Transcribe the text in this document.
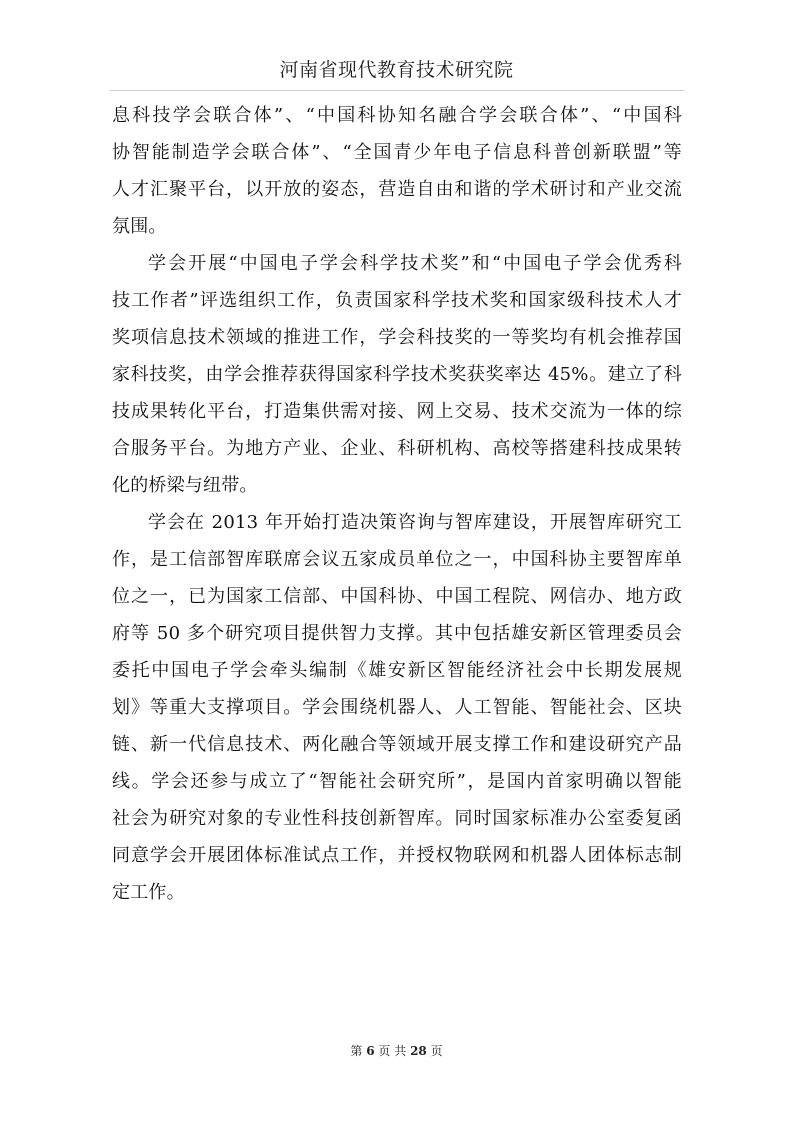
河南省现代教育技术研究院
息科技学会联合体”、“中国科协知名融合学会联合体”、“中国科
协智能制造学会联合体”、“全国青少年电子信息科普创新联盟”等
人才汇聚平台，以开放的姿态，营造自由和谐的学术研讨和产业交流
氛围。
学会开展“中国电子学会科学技术奖”和“中国电子学会优秀科
技工作者”评选组织工作，负责国家科学技术奖和国家级科技术人才
奖项信息技术领域的推进工作，学会科技奖的一等奖均有机会推荐国
家科技奖，由学会推荐获得国家科学技术奖获奖率达 45%。建立了科
技成果转化平台，打造集供需对接、网上交易、技术交流为一体的综
合服务平台。为地方产业、企业、科研机构、高校等搭建科技成果转
化的桥梁与纽带。
学会在 2013 年开始打造决策咨询与智库建设，开展智库研究工
作，是工信部智库联席会议五家成员单位之一，中国科协主要智库单
位之一，已为国家工信部、中国科协、中国工程院、网信办、地方政
府等 50 多个研究项目提供智力支撑。其中包括雄安新区管理委员会
委托中国电子学会牵头编制《雄安新区智能经济社会中长期发展规
划》等重大支撑项目。学会围绕机器人、人工智能、智能社会、区块
链、新一代信息技术、两化融合等领域开展支撑工作和建设研究产品
线。学会还参与成立了“智能社会研究所”，是国内首家明确以智能
社会为研究对象的专业性科技创新智库。同时国家标准办公室委复函
同意学会开展团体标准试点工作，并授权物联网和机器人团体标志制
定工作。
第 6 页 共 28 页
